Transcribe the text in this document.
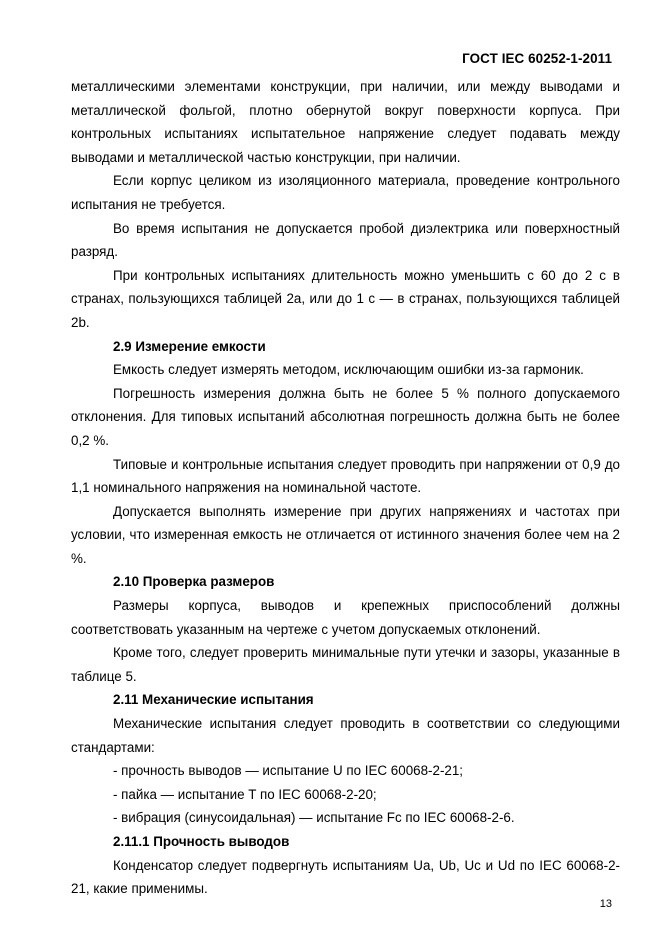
ГОСТ IEC 60252-1-2011

металлическими элементами конструкции, при наличии, или между выводами и металлической фольгой, плотно обернутой вокруг поверхности корпуса. При контрольных испытаниях испытательное напряжение следует подавать между выводами и металлической частью конструкции, при наличии.

Если корпус целиком из изоляционного материала, проведение контрольного испытания не требуется.

Во время испытания не допускается пробой диэлектрика или поверхностный разряд.

При контрольных испытаниях длительность можно уменьшить с 60 до 2 с в странах, пользующихся таблицей 2а, или до 1 с — в странах, пользующихся таблицей 2b.

2.9 Измерение емкости

Емкость следует измерять методом, исключающим ошибки из-за гармоник.

Погрешность измерения должна быть не более 5 % полного допускаемого отклонения. Для типовых испытаний абсолютная погрешность должна быть не более 0,2 %.

Типовые и контрольные испытания следует проводить при напряжении от 0,9 до 1,1 номинального напряжения на номинальной частоте.

Допускается выполнять измерение при других напряжениях и частотах при условии, что измеренная емкость не отличается от истинного значения более чем на 2 %.

2.10 Проверка размеров

Размеры корпуса, выводов и крепежных приспособлений должны соответствовать указанным на чертеже с учетом допускаемых отклонений.

Кроме того, следует проверить минимальные пути утечки и зазоры, указанные в таблице 5.

2.11 Механические испытания

Механические испытания следует проводить в соответствии со следующими стандартами:

- прочность выводов — испытание U по IEC 60068-2-21;

- пайка — испытание T по IEC 60068-2-20;

- вибрация (синусоидальная) — испытание Fc по IEC 60068-2-6.

2.11.1 Прочность выводов

Конденсатор следует подвергнуть испытаниям Ua, Ub, Uc и Ud по IEC 60068-2-21, какие применимы.

13
